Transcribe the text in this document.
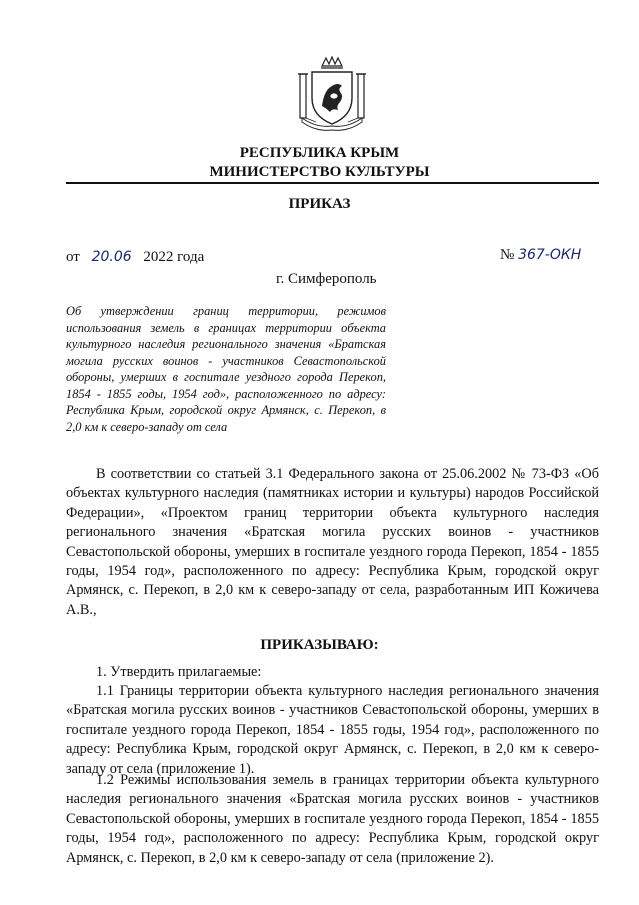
РЕСПУБЛИКА КРЫМ
МИНИСТЕРСТВО КУЛЬТУРЫ
ПРИКАЗ
от 20.06 2022 года	№ 367-ОКН
г. Симферополь
Об утверждении границ территории, режимов использования земель в границах территории объекта культурного наследия регионального значения «Братская могила русских воинов - участников Севастопольской обороны, умерших в госпитале уездного города Перекоп, 1854 - 1855 годы, 1954 год», расположенного по адресу: Республика Крым, городской округ Армянск, с. Перекоп, в 2,0 км к северо-западу от села
В соответствии со статьей 3.1 Федерального закона от 25.06.2002 № 73-ФЗ «Об объектах культурного наследия (памятниках истории и культуры) народов Российской Федерации», «Проектом границ территории объекта культурного наследия регионального значения «Братская могила русских воинов - участников Севастопольской обороны, умерших в госпитале уездного города Перекоп, 1854 - 1855 годы, 1954 год», расположенного по адресу: Республика Крым, городской округ Армянск, с. Перекоп, в 2,0 км к северо-западу от села, разработанным ИП Кожичева А.В.,
ПРИКАЗЫВАЮ:
1. Утвердить прилагаемые:
1.1 Границы территории объекта культурного наследия регионального значения «Братская могила русских воинов - участников Севастопольской обороны, умерших в госпитале уездного города Перекоп, 1854 - 1855 годы, 1954 год», расположенного по адресу: Республика Крым, городской округ Армянск, с. Перекоп, в 2,0 км к северо-западу от села (приложение 1).
1.2 Режимы использования земель в границах территории объекта культурного наследия регионального значения «Братская могила русских воинов - участников Севастопольской обороны, умерших в госпитале уездного города Перекоп, 1854 - 1855 годы, 1954 год», расположенного по адресу: Республика Крым, городской округ Армянск, с. Перекоп, в 2,0 км к северо-западу от села (приложение 2).
